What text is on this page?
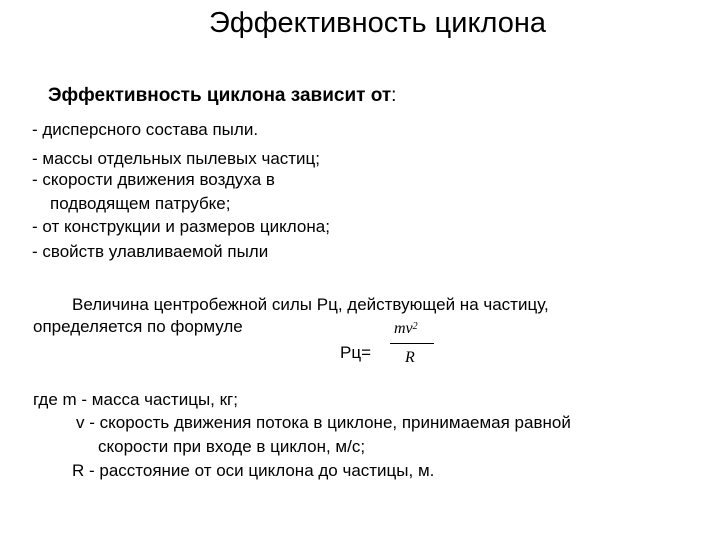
Эффективность циклона
Эффективность циклона зависит от:
- дисперсного состава пыли.
- массы отдельных пылевых частиц;
- скорости движения воздуха в
подводящем патрубке;
- от конструкции и размеров циклона;
- свойств улавливаемой пыли
Величина центробежной силы Рц, действующей на частицу,
определяется по формуле
Рц=
$mv^2$
R
где m - масса частицы, кг;
v - скорость движения потока в циклоне, принимаемая равной
скорости при входе в циклон, м/с;
R - расстояние от оси циклона до частицы, м.
